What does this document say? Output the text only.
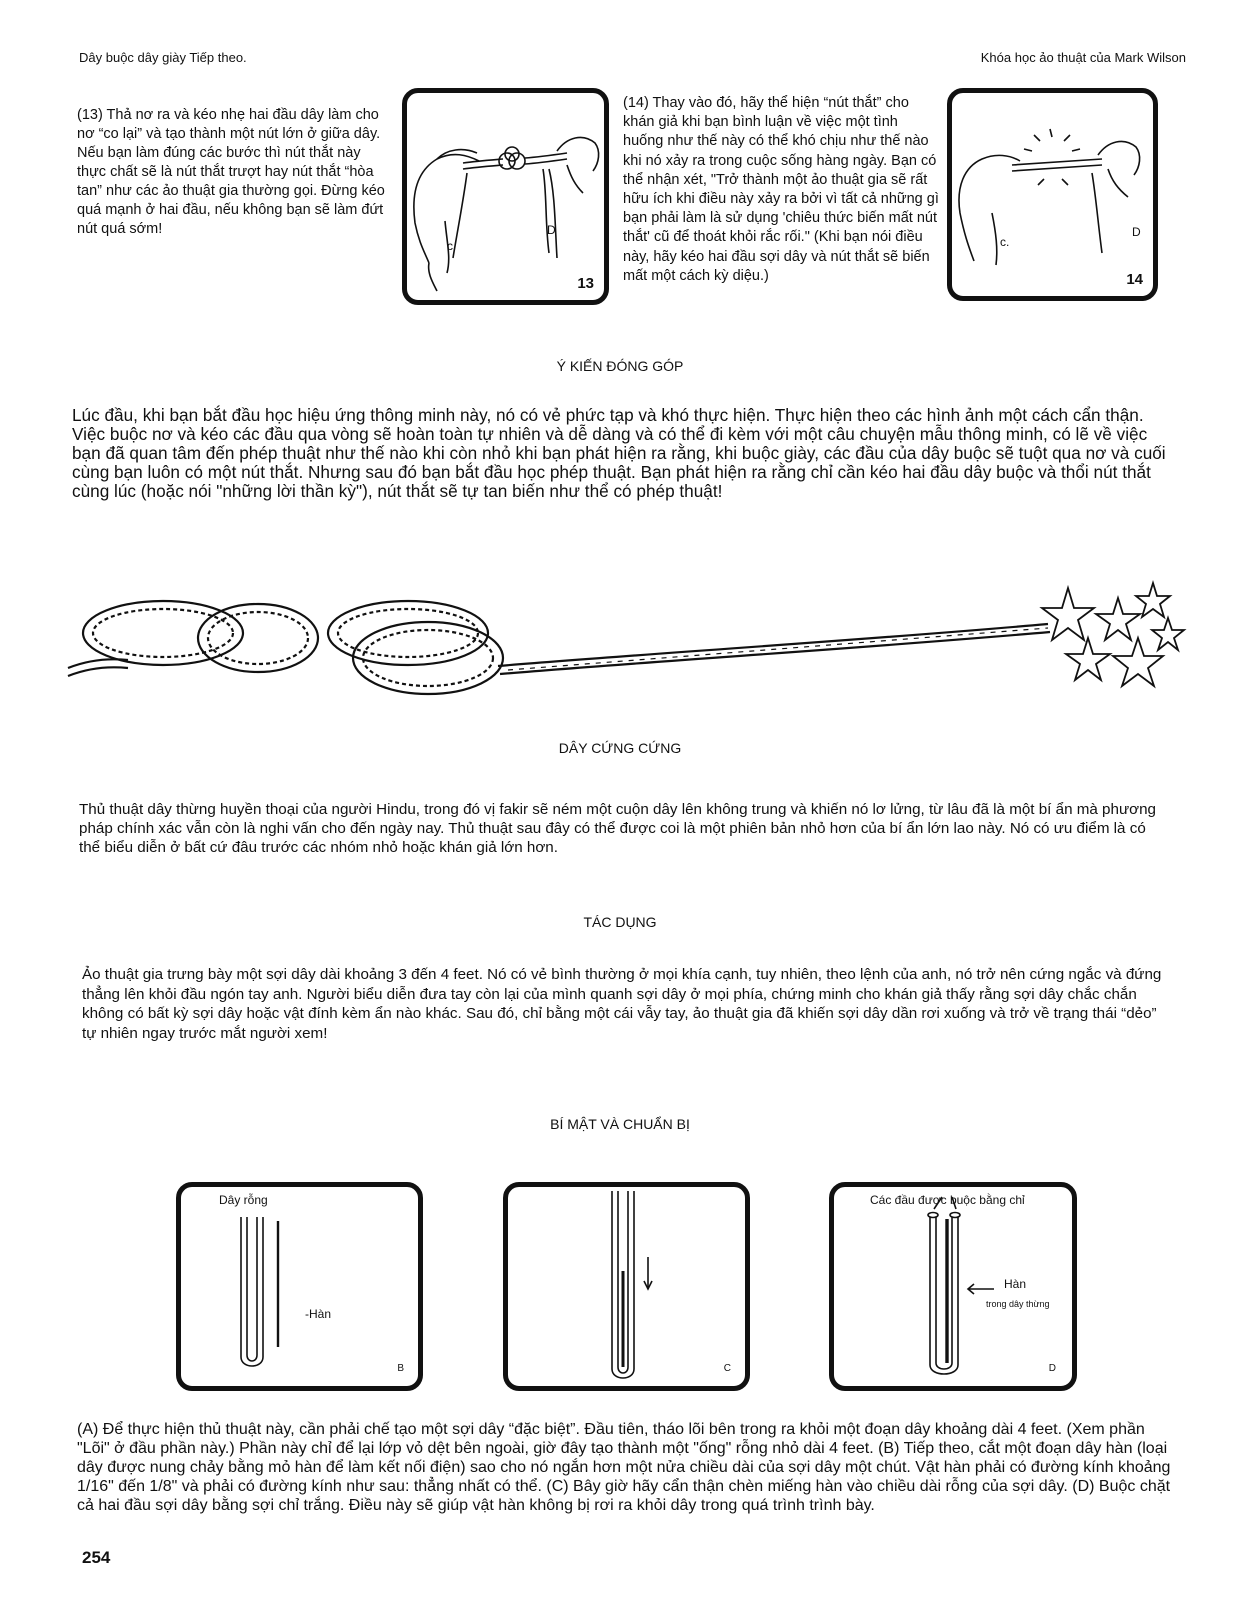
Dây buộc dây giày Tiếp theo.	Khóa học ảo thuật của Mark Wilson
(13) Thả nơ ra và kéo nhẹ hai đầu dây làm cho nơ “co lại” và tạo thành một nút lớn ở giữa dây. Nếu bạn làm đúng các bước thì nút thắt này thực chất sẽ là nút thắt trượt hay nút thắt “hòa tan” như các ảo thuật gia thường gọi. Đừng kéo quá mạnh ở hai đầu, nếu không bạn sẽ làm đứt nút quá sớm!
c
D
13
(14) Thay vào đó, hãy thể hiện “nút thắt” cho khán giả khi bạn bình luận về việc một tình huống như thế này có thể khó chịu như thế nào khi nó xảy ra trong cuộc sống hàng ngày. Bạn có thể nhận xét, "Trở thành một ảo thuật gia sẽ rất hữu ích khi điều này xảy ra bởi vì tất cả những gì bạn phải làm là sử dụng 'chiêu thức biến mất nút thắt' cũ để thoát khỏi rắc rối." (Khi bạn nói điều này, hãy kéo hai đầu sợi dây và nút thắt sẽ biến mất một cách kỳ diệu.)
c.
D
14
Ý KIẾN ĐÓNG GÓP
Lúc đầu, khi bạn bắt đầu học hiệu ứng thông minh này, nó có vẻ phức tạp và khó thực hiện. Thực hiện theo các hình ảnh một cách cẩn thận. Việc buộc nơ và kéo các đầu qua vòng sẽ hoàn toàn tự nhiên và dễ dàng và có thể đi kèm với một câu chuyện mẫu thông minh, có lẽ về việc bạn đã quan tâm đến phép thuật như thế nào khi còn nhỏ khi bạn phát hiện ra rằng, khi buộc giày, các đầu của dây buộc sẽ tuột qua nơ và cuối cùng bạn luôn có một nút thắt. Nhưng sau đó bạn bắt đầu học phép thuật. Bạn phát hiện ra rằng chỉ cần kéo hai đầu dây buộc và thổi nút thắt cùng lúc (hoặc nói "những lời thần kỳ"), nút thắt sẽ tự tan biến như thể có phép thuật!
DÂY CỨNG CỨNG
Thủ thuật dây thừng huyền thoại của người Hindu, trong đó vị fakir sẽ ném một cuộn dây lên không trung và khiến nó lơ lửng, từ lâu đã là một bí ẩn mà phương pháp chính xác vẫn còn là nghi vấn cho đến ngày nay. Thủ thuật sau đây có thể được coi là một phiên bản nhỏ hơn của bí ẩn lớn lao này. Nó có ưu điểm là có thể biểu diễn ở bất cứ đâu trước các nhóm nhỏ hoặc khán giả lớn hơn.
TÁC DỤNG
Ảo thuật gia trưng bày một sợi dây dài khoảng 3 đến 4 feet. Nó có vẻ bình thường ở mọi khía cạnh, tuy nhiên, theo lệnh của anh, nó trở nên cứng ngắc và đứng thẳng lên khỏi đầu ngón tay anh. Người biểu diễn đưa tay còn lại của mình quanh sợi dây ở mọi phía, chứng minh cho khán giả thấy rằng sợi dây chắc chắn không có bất kỳ sợi dây hoặc vật đính kèm ẩn nào khác. Sau đó, chỉ bằng một cái vẫy tay, ảo thuật gia đã khiến sợi dây dần rơi xuống và trở về trạng thái “dẻo” tự nhiên ngay trước mắt người xem!
BÍ MẬT VÀ CHUẨN BỊ
Dây rỗng
-Hàn
B	C
Các đầu được buộc bằng chỉ
Hàn
trong dây thừng
D
(A) Để thực hiện thủ thuật này, cần phải chế tạo một sợi dây “đặc biệt”. Đầu tiên, tháo lõi bên trong ra khỏi một đoạn dây khoảng dài 4 feet. (Xem phần "Lõi" ở đầu phần này.) Phần này chỉ để lại lớp vỏ dệt bên ngoài, giờ đây tạo thành một "ống" rỗng nhỏ dài 4 feet. (B) Tiếp theo, cắt một đoạn dây hàn (loại dây được nung chảy bằng mỏ hàn để làm kết nối điện) sao cho nó ngắn hơn một nửa chiều dài của sợi dây một chút. Vật hàn phải có đường kính khoảng 1/16" đến 1/8" và phải có đường kính như sau: thẳng nhất có thể. (C) Bây giờ hãy cẩn thận chèn miếng hàn vào chiều dài rỗng của sợi dây. (D) Buộc chặt cả hai đầu sợi dây bằng sợi chỉ trắng. Điều này sẽ giúp vật hàn không bị rơi ra khỏi dây trong quá trình trình bày.
254
